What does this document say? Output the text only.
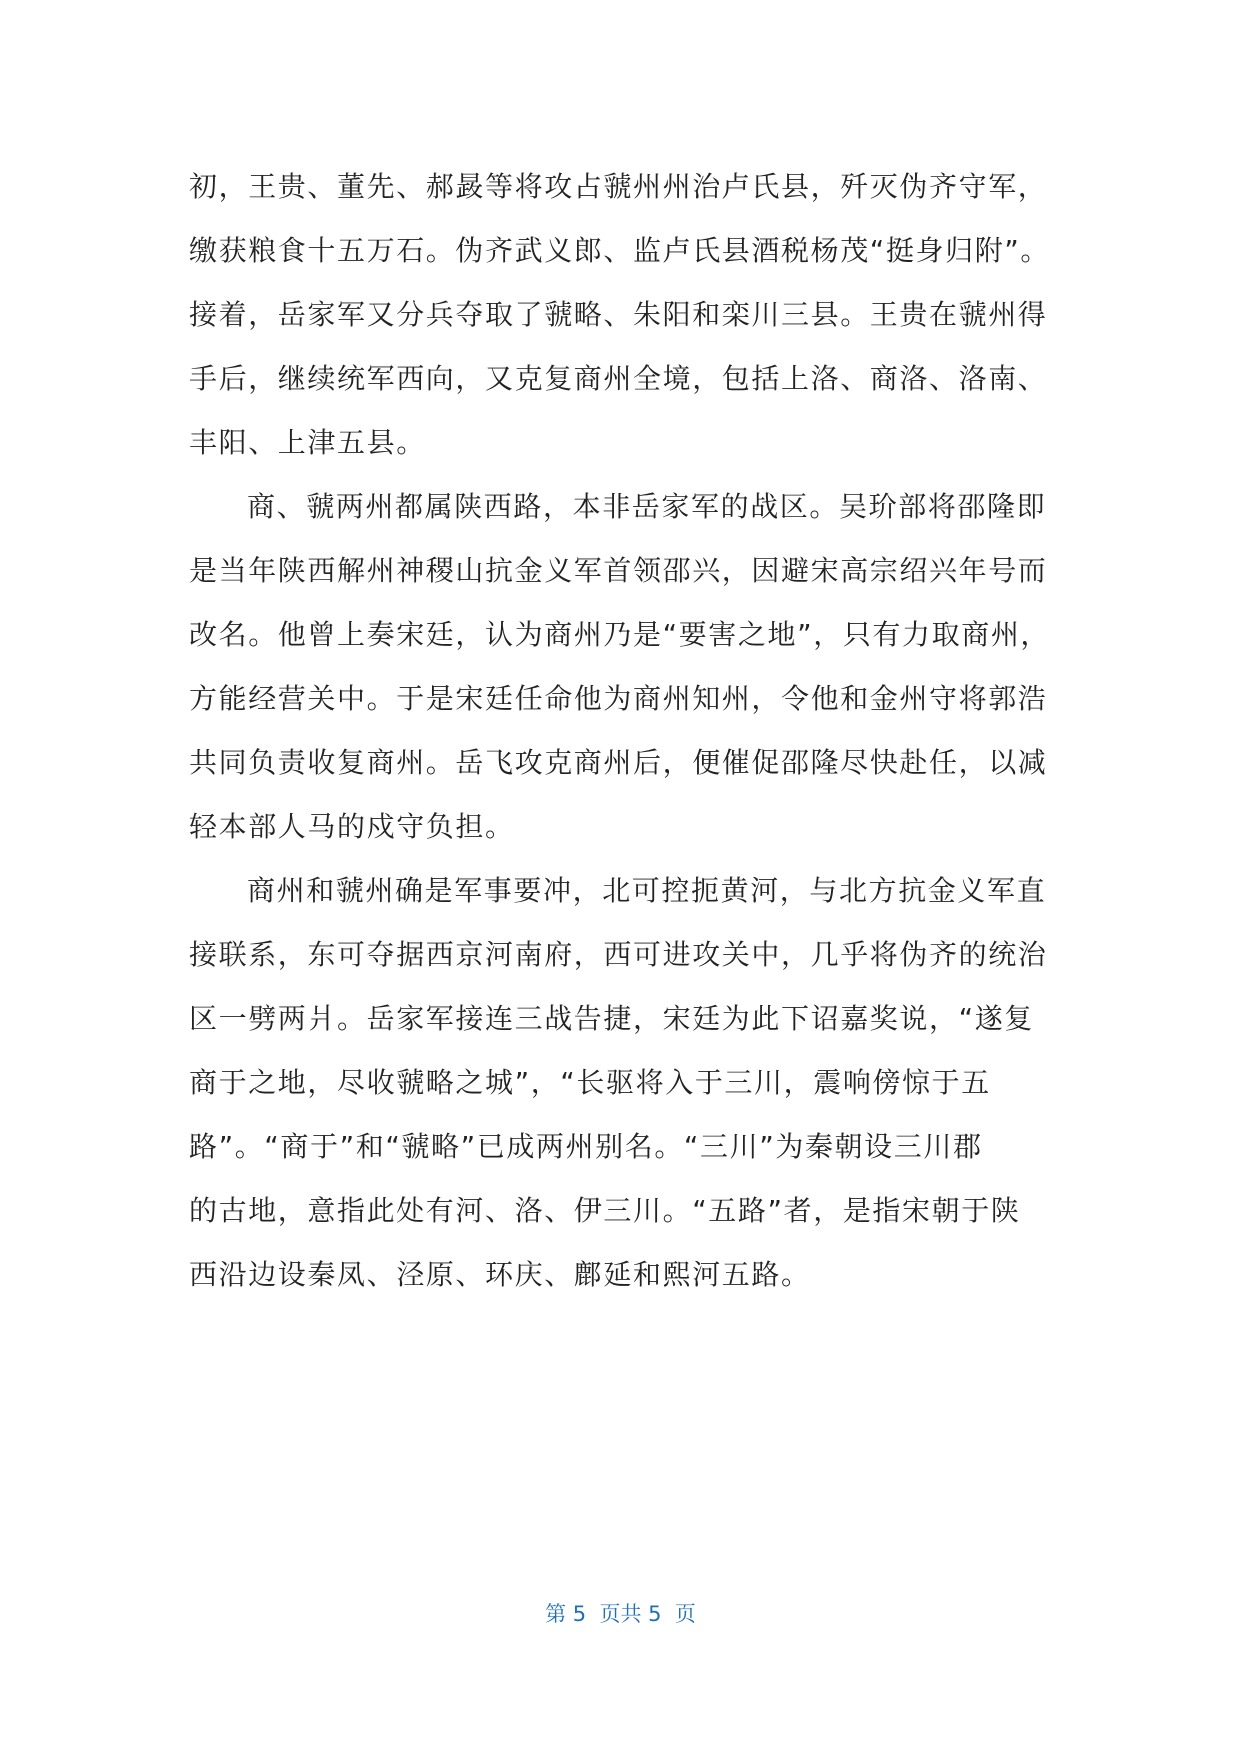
初，王贵、董先、郝晸等将攻占虢州州治卢氏县，歼灭伪齐守军，
缴获粮食十五万石。伪齐武义郎、监卢氏县酒税杨茂“挺身归附”。
接着，岳家军又分兵夺取了虢略、朱阳和栾川三县。王贵在虢州得
手后，继续统军西向，又克复商州全境，包括上洛、商洛、洛南、
丰阳、上津五县。
商、虢两州都属陕西路，本非岳家军的战区。吴玠部将邵隆即
是当年陕西解州神稷山抗金义军首领邵兴，因避宋高宗绍兴年号而
改名。他曾上奏宋廷，认为商州乃是“要害之地”，只有力取商州，
方能经营关中。于是宋廷任命他为商州知州，令他和金州守将郭浩
共同负责收复商州。岳飞攻克商州后，便催促邵隆尽快赴任，以减
轻本部人马的戍守负担。
商州和虢州确是军事要冲，北可控扼黄河，与北方抗金义军直
接联系，东可夺据西京河南府，西可进攻关中，几乎将伪齐的统治
区一劈两爿。岳家军接连三战告捷，宋廷为此下诏嘉奖说，“遂复
商于之地，尽收虢略之城”，“长驱将入于三川，震响傍惊于五
路”。“商于”和“虢略”已成两州别名。“三川”为秦朝设三川郡
的古地，意指此处有河、洛、伊三川。“五路”者，是指宋朝于陕
西沿边设秦凤、泾原、环庆、鄜延和熙河五路。
第 5  页共 5  页
